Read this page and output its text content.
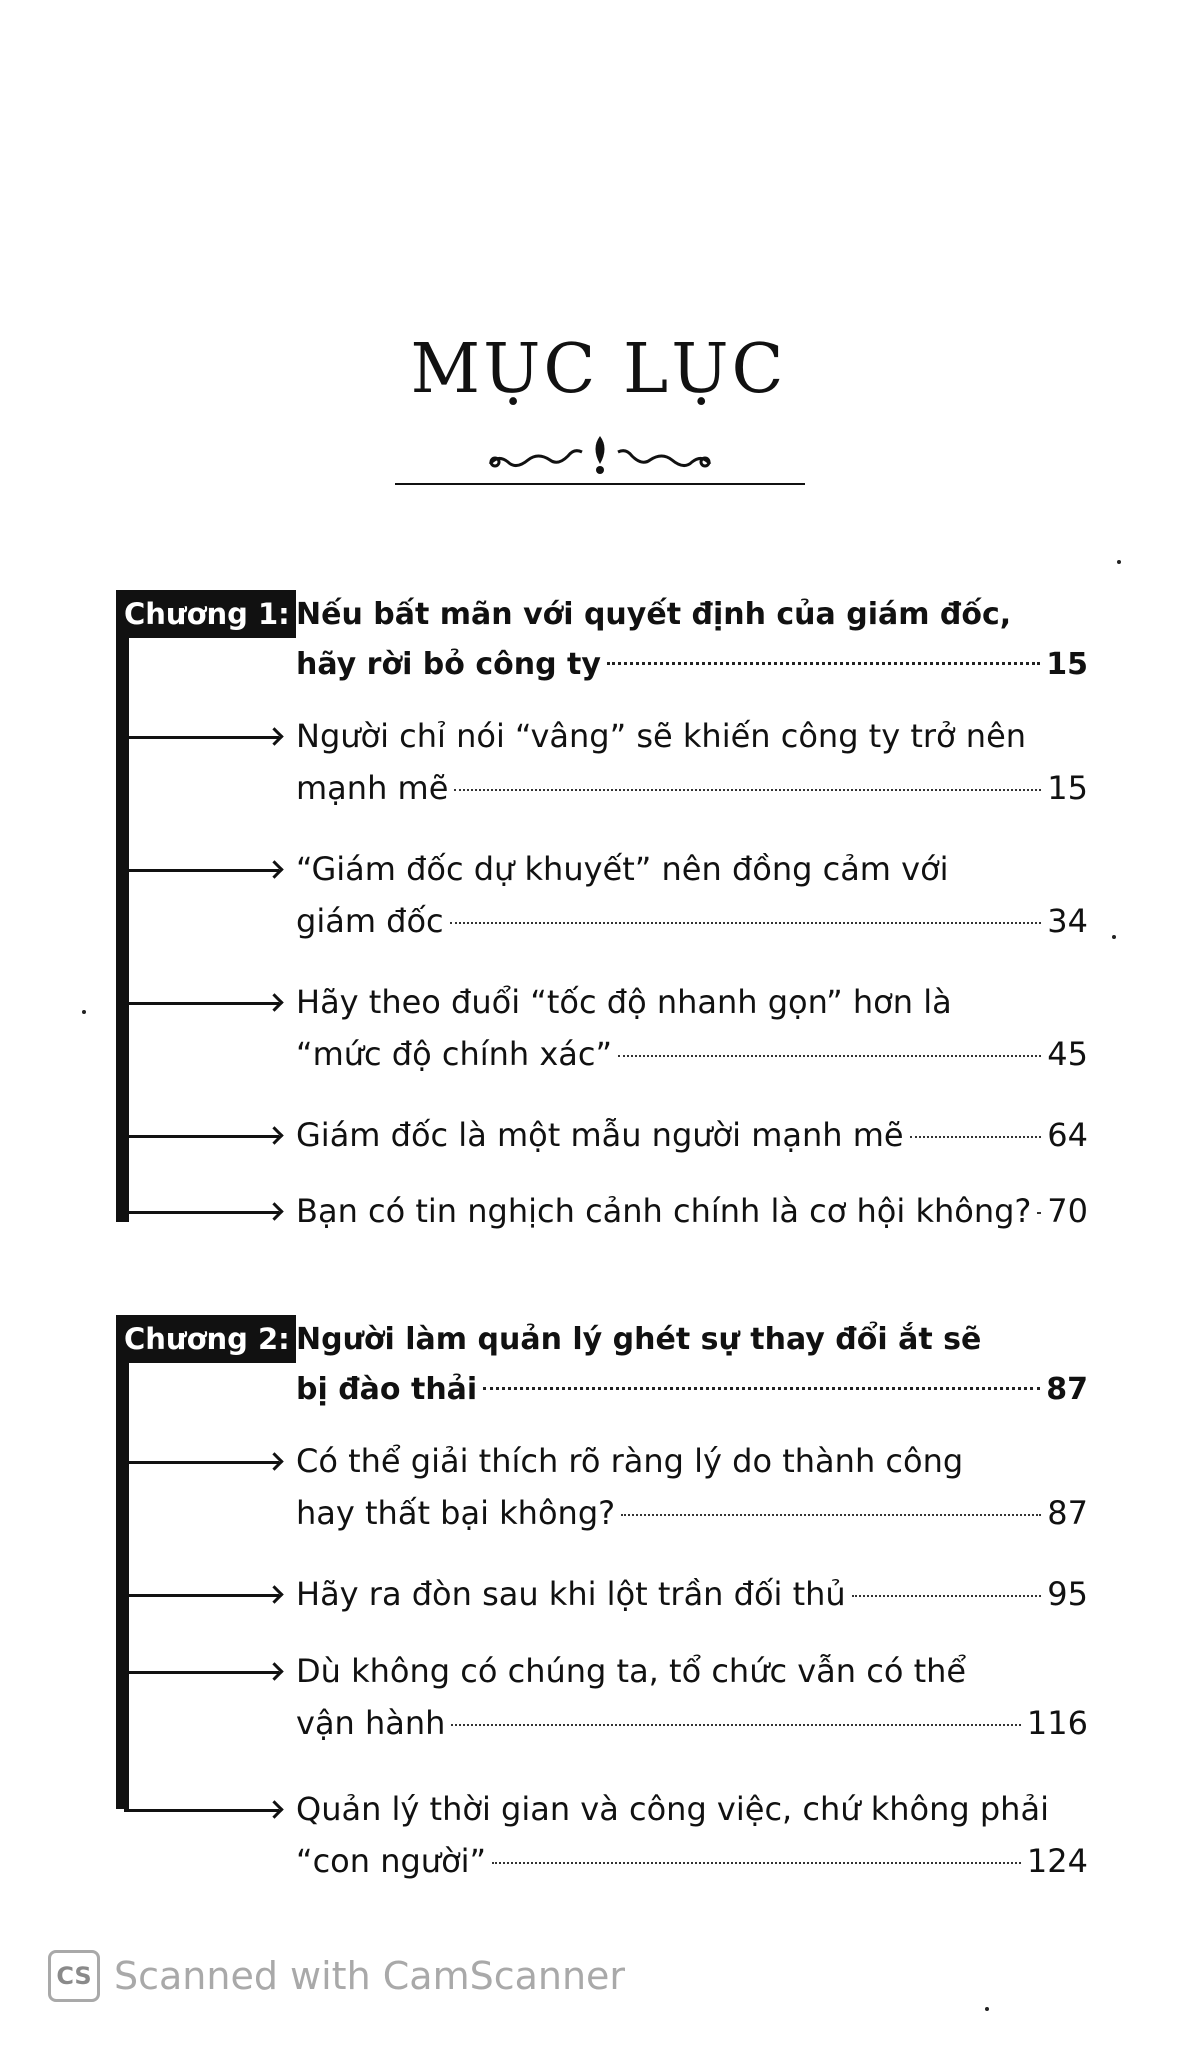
MỤC LỤC
Chương 1: Nếu bất mãn với quyết định của giám đốc,
hãy rời bỏ công ty	15
Người chỉ nói “vâng” sẽ khiến công ty trở nên
mạnh mẽ	15
“Giám đốc dự khuyết” nên đồng cảm với
giám đốc	34
Hãy theo đuổi “tốc độ nhanh gọn” hơn là
“mức độ chính xác”	45
Giám đốc là một mẫu người mạnh mẽ	64
Bạn có tin nghịch cảnh chính là cơ hội không? 70
Chương 2: Người làm quản lý ghét sự thay đổi ắt sẽ
bị đào thải	87
Có thể giải thích rõ ràng lý do thành công
hay thất bại không?	87
Hãy ra đòn sau khi lột trần đối thủ	95
Dù không có chúng ta, tổ chức vẫn có thể
vận hành	116
Quản lý thời gian và công việc, chứ không phải
“con người”	124
CS Scanned with CamScanner
